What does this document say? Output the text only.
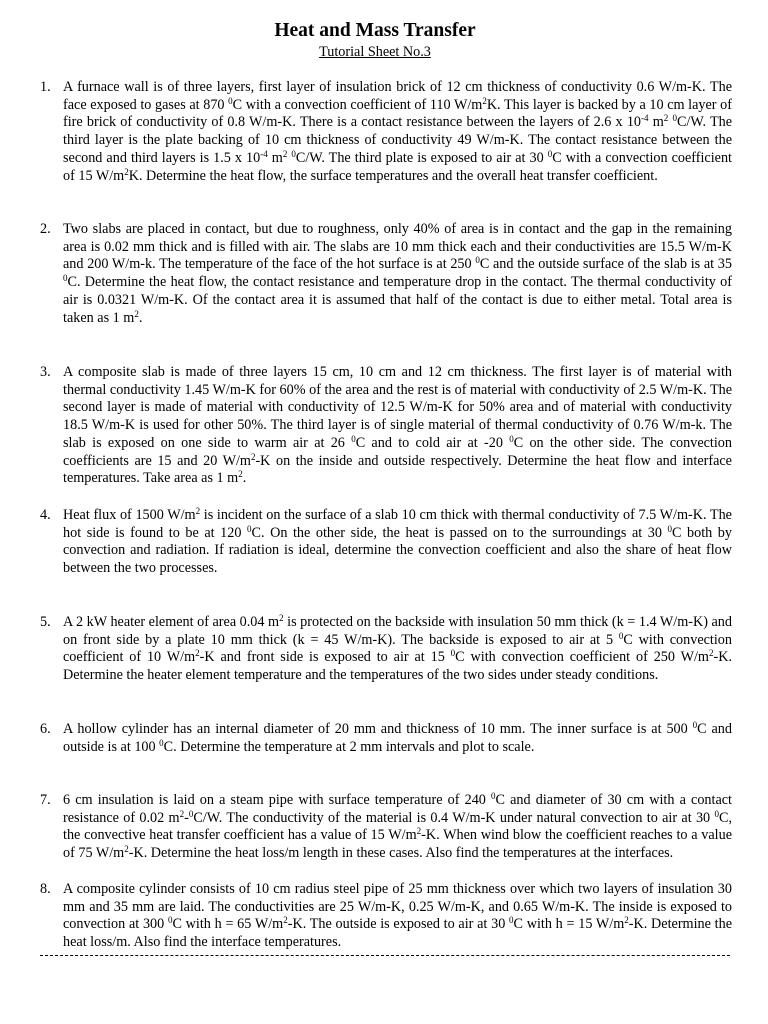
Heat and Mass Transfer
Tutorial Sheet No.3
1. A furnace wall is of three layers, first layer of insulation brick of 12 cm thickness of conductivity 0.6 W/m-K. The face exposed to gases at 870 $^0$C with a convection coefficient of 110 $W/m^2K$. This layer is backed by a 10 cm layer of fire brick of conductivity of 0.8 W/m-K. There is a contact resistance between the layers of 2.6 x $10^{-4}$ $m^2$ $^0$C/W. The third layer is the plate backing of 10 cm thickness of conductivity 49 W/m-K. The contact resistance between the second and third layers is 1.5 x $10^{-4}$ $m^2$ $^0$C/W. The third plate is exposed to air at 30 $^0$C with a convection coefficient of 15 $W/m^2K$. Determine the heat flow, the surface temperatures and the overall heat transfer coefficient.
2. Two slabs are placed in contact, but due to roughness, only 40% of area is in contact and the gap in the remaining area is 0.02 mm thick and is filled with air. The slabs are 10 mm thick each and their conductivities are 15.5 W/m-K and 200 W/m-k. The temperature of the face of the hot surface is at 250 $^0$C and the outside surface of the slab is at 35 $^0$C. Determine the heat flow, the contact resistance and temperature drop in the contact. The thermal conductivity of air is 0.0321 W/m-K. Of the contact area it is assumed that half of the contact is due to either metal. Total area is taken as 1 $m^2$.
3. A composite slab is made of three layers 15 cm, 10 cm and 12 cm thickness. The first layer is of material with thermal conductivity 1.45 W/m-K for 60% of the area and the rest is of material with conductivity of 2.5 W/m-K. The second layer is made of material with conductivity of 12.5 W/m-K for 50% area and of material with conductivity 18.5 W/m-K is used for other 50%. The third layer is of single material of thermal conductivity of 0.76 W/m-k. The slab is exposed on one side to warm air at 26 $^0$C and to cold air at -20 $^0$C on the other side. The convection coefficients are 15 and 20 $W/m^2-K$ on the inside and outside respectively. Determine the heat flow and interface temperatures. Take area as 1 $m^2$.
4. Heat flux of 1500 $W/m^2$ is incident on the surface of a slab 10 cm thick with thermal conductivity of 7.5 W/m-K. The hot side is found to be at 120 $^0$C. On the other side, the heat is passed on to the surroundings at 30 $^0$C both by convection and radiation. If radiation is ideal, determine the convection coefficient and also the share of heat flow between the two processes.
5. A 2 kW heater element of area 0.04 $m^2$ is protected on the backside with insulation 50 mm thick (k = 1.4 W/m-K) and on front side by a plate 10 mm thick (k = 45 W/m-K). The backside is exposed to air at 5 $^0$C with convection coefficient of 10 $W/m^2-K$ and front side is exposed to air at 15 $^0$C with convection coefficient of 250 $W/m^2-K$. Determine the heater element temperature and the temperatures of the two sides under steady conditions.
6. A hollow cylinder has an internal diameter of 20 mm and thickness of 10 mm. The inner surface is at 500 $^0$C and outside is at 100 $^0$C. Determine the temperature at 2 mm intervals and plot to scale.
7. 6 cm insulation is laid on a steam pipe with surface temperature of 240 $^0$C and diameter of 30 cm with a contact resistance of 0.02 $m^2-^0C/W$. The conductivity of the material is 0.4 W/m-K under natural convection to air at 30 $^0$C, the convective heat transfer coefficient has a value of 15 $W/m^2-K$. When wind blow the coefficient reaches to a value of 75 $W/m^2-K$. Determine the heat loss/m length in these cases. Also find the temperatures at the interfaces.
8. A composite cylinder consists of 10 cm radius steel pipe of 25 mm thickness over which two layers of insulation 30 mm and 35 mm are laid. The conductivities are 25 W/m-K, 0.25 W/m-K, and 0.65 W/m-K. The inside is exposed to convection at 300 $^0$C with h = 65 $W/m^2-K$. The outside is exposed to air at 30 $^0$C with h = 15 $W/m^2-K$. Determine the heat loss/m. Also find the interface temperatures.
